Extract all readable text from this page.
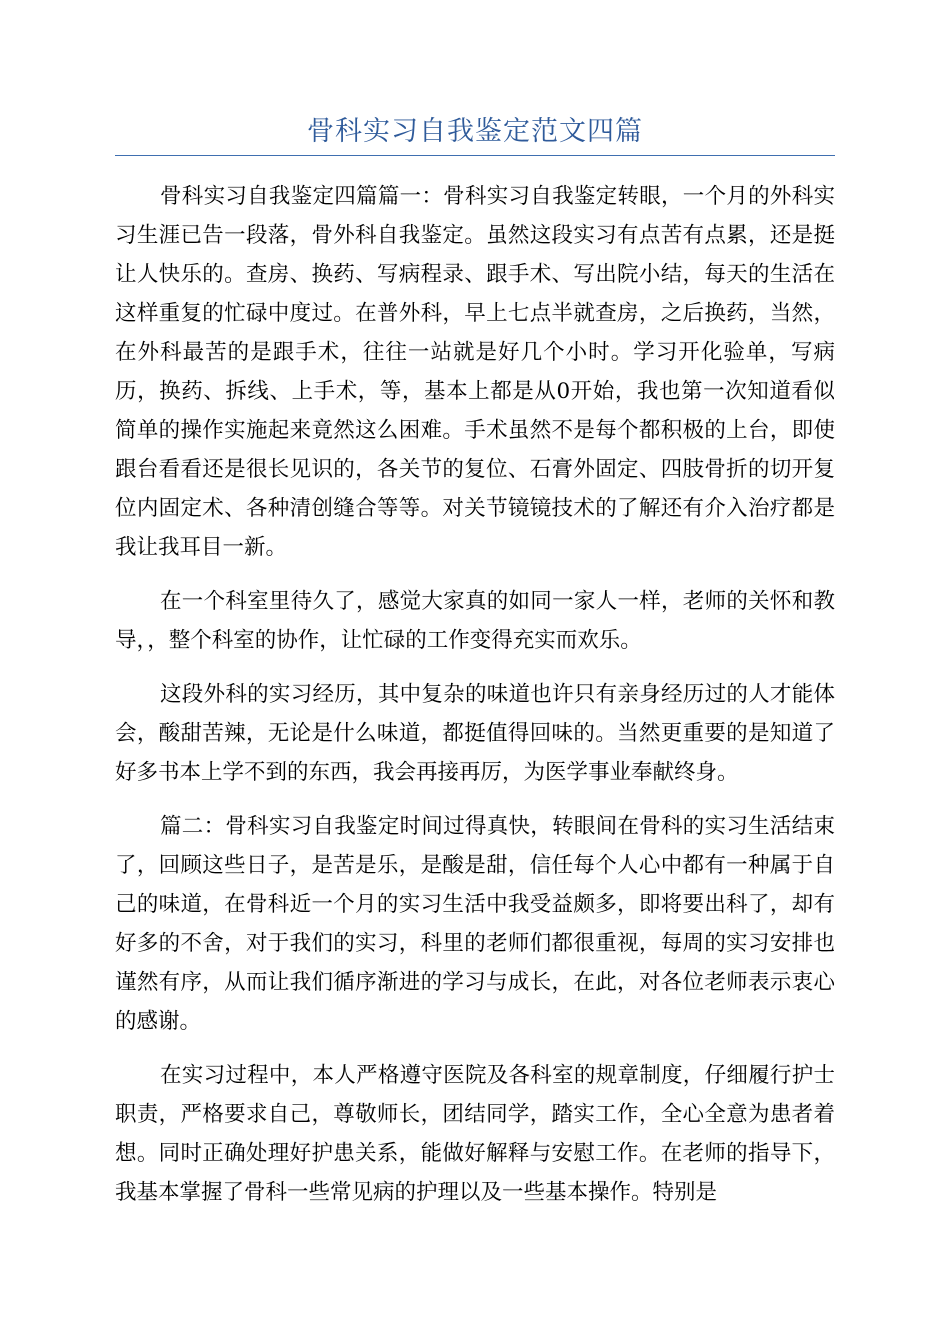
骨科实习自我鉴定范文四篇

骨科实习自我鉴定四篇篇一：骨科实习自我鉴定转眼，一个月的外科实习生涯已告一段落，骨外科自我鉴定。虽然这段实习有点苦有点累，还是挺让人快乐的。查房、换药、写病程录、跟手术、写出院小结，每天的生活在这样重复的忙碌中度过。在普外科，早上七点半就查房，之后换药，当然，在外科最苦的是跟手术，往往一站就是好几个小时。学习开化验单，写病历，换药、拆线、上手术，等，基本上都是从0开始，我也第一次知道看似简单的操作实施起来竟然这么困难。手术虽然不是每个都积极的上台，即使跟台看看还是很长见识的，各关节的复位、石膏外固定、四肢骨折的切开复位内固定术、各种清创缝合等等。对关节镜镜技术的了解还有介入治疗都是我让我耳目一新。

在一个科室里待久了，感觉大家真的如同一家人一样，老师的关怀和教导，，整个科室的协作，让忙碌的工作变得充实而欢乐。

这段外科的实习经历，其中复杂的味道也许只有亲身经历过的人才能体会，酸甜苦辣，无论是什么味道，都挺值得回味的。当然更重要的是知道了好多书本上学不到的东西，我会再接再厉，为医学事业奉献终身。

篇二：骨科实习自我鉴定时间过得真快，转眼间在骨科的实习生活结束了，回顾这些日子，是苦是乐，是酸是甜，信任每个人心中都有一种属于自己的味道，在骨科近一个月的实习生活中我受益颇多，即将要出科了，却有好多的不舍，对于我们的实习，科里的老师们都很重视，每周的实习安排也谨然有序，从而让我们循序渐进的学习与成长，在此，对各位老师表示衷心的感谢。

在实习过程中，本人严格遵守医院及各科室的规章制度，仔细履行护士职责，严格要求自己，尊敬师长，团结同学，踏实工作，全心全意为患者着想。同时正确处理好护患关系，能做好解释与安慰工作。在老师的指导下，我基本掌握了骨科一些常见病的护理以及一些基本操作。特别是
